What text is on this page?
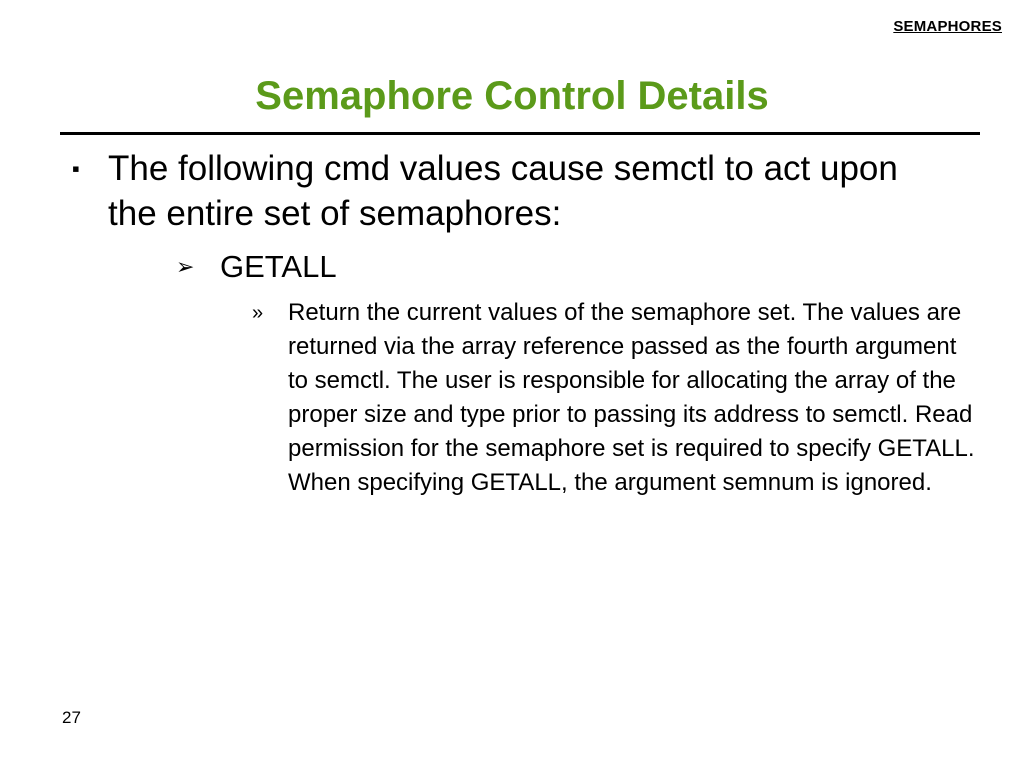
SEMAPHORES
Semaphore Control Details
▪ The following cmd values cause semctl to act upon the entire set of semaphores:
➢ GETALL
»	Return the current values of the semaphore set. The values are returned via the array reference passed as the fourth argument to semctl. The user is responsible for allocating the array of the proper size and type prior to passing its address to semctl. Read permission for the semaphore set is required to specify GETALL. When specifying GETALL, the argument semnum is ignored.
27
